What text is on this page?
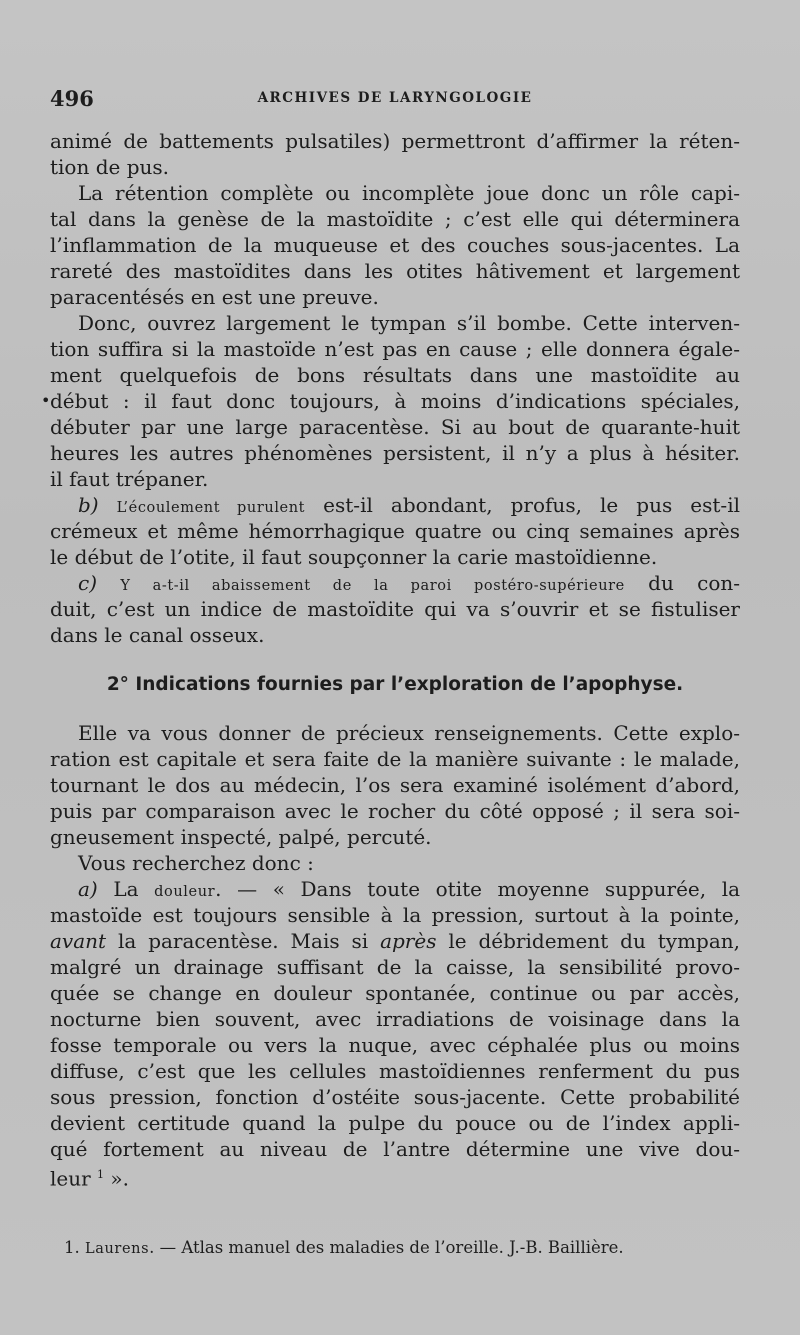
496	ARCHIVES DE LARYNGOLOGIE
animé de battements pulsatiles) permettront d’affirmer la réten-
tion de pus.
La rétention complète ou incomplète joue donc un rôle capi-
tal dans la genèse de la mastoïdite ; c’est elle qui déterminera
l’inflammation de la muqueuse et des couches sous-jacentes. La
rareté des mastoïdites dans les otites hâtivement et largement
paracentésés en est une preuve.
Donc, ouvrez largement le tympan s’il bombe. Cette interven-
tion suffira si la mastoïde n’est pas en cause ; elle donnera égale-
ment quelquefois de bons résultats dans une mastoïdite au
• début : il faut donc toujours, à moins d’indications spéciales,
débuter par une large paracentèse. Si au bout de quarante-huit
heures les autres phénomènes persistent, il n’y a plus à hésiter.
il faut trépaner.
b) L’écoulement purulent est-il abondant, profus, le pus est-il
crémeux et même hémorrhagique quatre ou cinq semaines après
le début de l’otite, il faut soupçonner la carie mastoïdienne.
c) Y a-t-il abaissement de la paroi postéro-supérieure du con-
duit, c’est un indice de mastoïdite qui va s’ouvrir et se fistuliser
dans le canal osseux.
2° Indications fournies par l’exploration de l’apophyse.
Elle va vous donner de précieux renseignements. Cette explo-
ration est capitale et sera faite de la manière suivante : le malade,
tournant le dos au médecin, l’os sera examiné isolément d’abord,
puis par comparaison avec le rocher du côté opposé ; il sera soi-
gneusement inspecté, palpé, percuté.
Vous recherchez donc :
a) La douleur. — « Dans toute otite moyenne suppurée, la
mastoïde est toujours sensible à la pression, surtout à la pointe,
avant la paracentèse. Mais si après le débridement du tympan,
malgré un drainage suffisant de la caisse, la sensibilité provo-
quée se change en douleur spontanée, continue ou par accès,
nocturne bien souvent, avec irradiations de voisinage dans la
fosse temporale ou vers la nuque, avec céphalée plus ou moins
diffuse, c’est que les cellules mastoïdiennes renferment du pus
sous pression, fonction d’ostéite sous-jacente. Cette probabilité
devient certitude quand la pulpe du pouce ou de l’index appli-
qué fortement au niveau de l’antre détermine une vive dou-
leur $^1$ ».
1. Laurens. — Atlas manuel des maladies de l’oreille. J.-B. Baillière.
